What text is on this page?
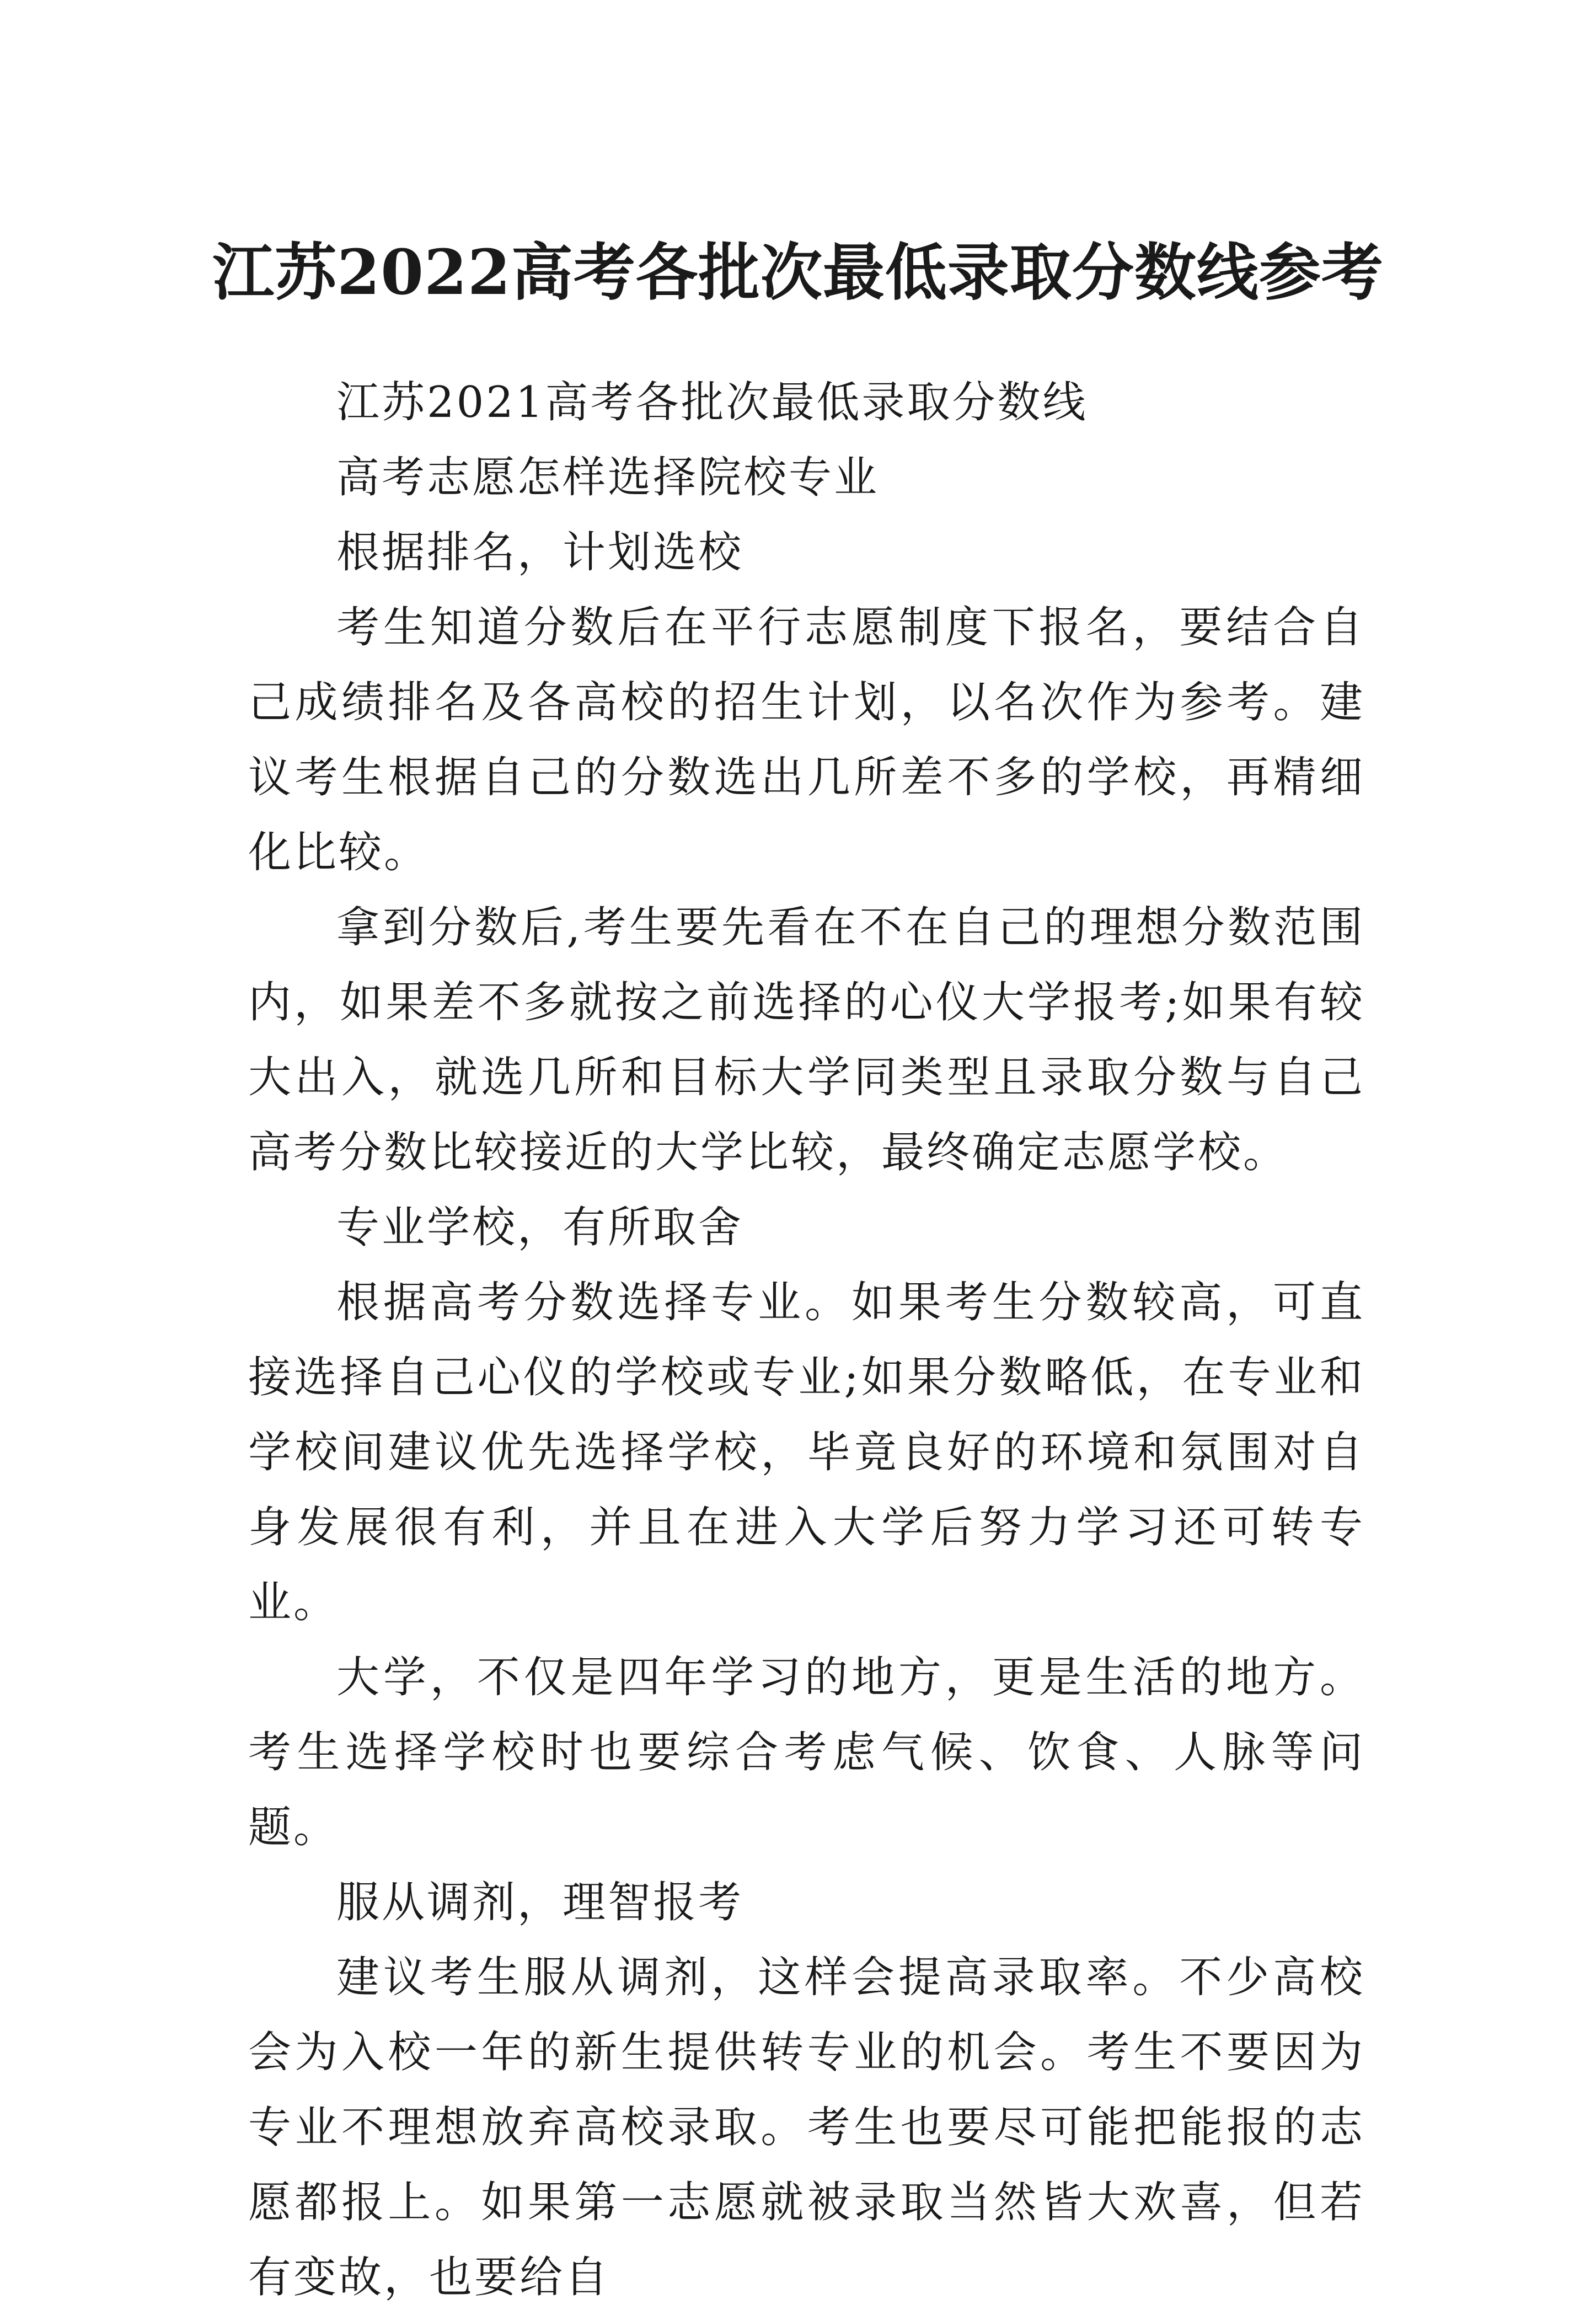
江苏2022高考各批次最低录取分数线参考

江苏2021高考各批次最低录取分数线

高考志愿怎样选择院校专业

根据排名，计划选校

考生知道分数后在平行志愿制度下报名，要结合自己成绩排名及各高校的招生计划，以名次作为参考。建议考生根据自己的分数选出几所差不多的学校，再精细化比较。

拿到分数后,考生要先看在不在自己的理想分数范围内，如果差不多就按之前选择的心仪大学报考;如果有较大出入，就选几所和目标大学同类型且录取分数与自己高考分数比较接近的大学比较，最终确定志愿学校。

专业学校，有所取舍

根据高考分数选择专业。如果考生分数较高，可直接选择自己心仪的学校或专业;如果分数略低，在专业和学校间建议优先选择学校，毕竟良好的环境和氛围对自身发展很有利，并且在进入大学后努力学习还可转专业。

大学，不仅是四年学习的地方，更是生活的地方。考生选择学校时也要综合考虑气候、饮食、人脉等问题。

服从调剂，理智报考

建议考生服从调剂，这样会提高录取率。不少高校会为入校一年的新生提供转专业的机会。考生不要因为专业不理想放弃高校录取。考生也要尽可能把能报的志愿都报上。如果第一志愿就被录取当然皆大欢喜，但若有变故，也要给自
